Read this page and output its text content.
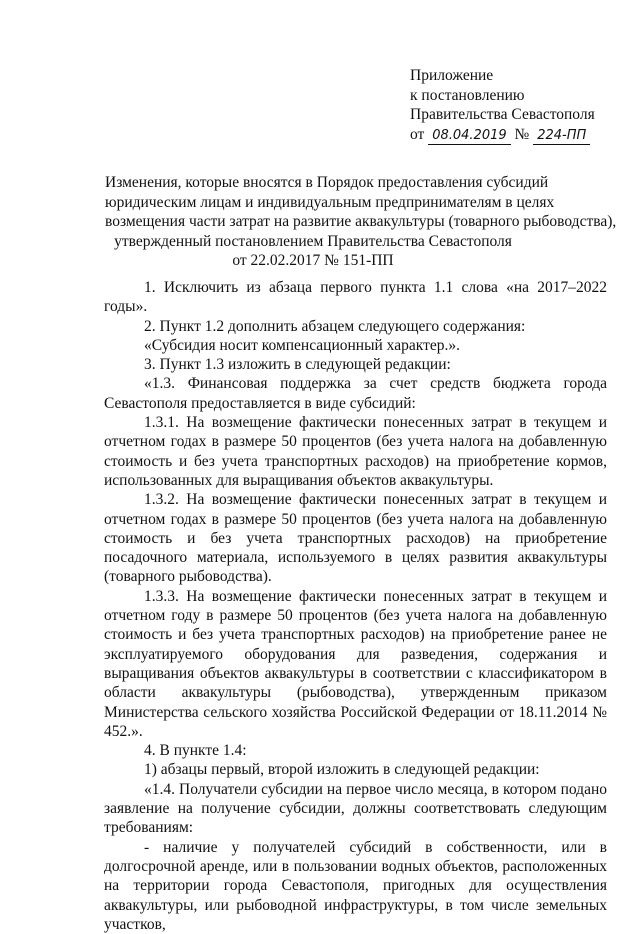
Приложение
к постановлению
Правительства Севастополя
от 08.04.2019 № 224-ПП
Изменения, которые вносятся в Порядок предоставления субсидий
юридическим лицам и индивидуальным предпринимателям в целях
возмещения части затрат на развитие аквакультуры (товарного рыбоводства),
утвержденный постановлением Правительства Севастополя
от 22.02.2017 № 151-ПП

1. Исключить из абзаца первого пункта 1.1 слова «на 2017–2022 годы».

2. Пункт 1.2 дополнить абзацем следующего содержания:

«Субсидия носит компенсационный характер.».

3. Пункт 1.3 изложить в следующей редакции:

«1.3. Финансовая поддержка за счет средств бюджета города Севастополя предоставляется в виде субсидий:

1.3.1. На возмещение фактически понесенных затрат в текущем и отчетном годах в размере 50 процентов (без учета налога на добавленную стоимость и без учета транспортных расходов) на приобретение кормов, использованных для выращивания объектов аквакультуры.

1.3.2. На возмещение фактически понесенных затрат в текущем и отчетном годах в размере 50 процентов (без учета налога на добавленную стоимость и без учета транспортных расходов) на приобретение посадочного материала, используемого в целях развития аквакультуры (товарного рыбоводства).

1.3.3. На возмещение фактически понесенных затрат в текущем и отчетном году в размере 50 процентов (без учета налога на добавленную стоимость и без учета транспортных расходов) на приобретение ранее не эксплуатируемого оборудования для разведения, содержания и выращивания объектов аквакультуры в соответствии с классификатором в области аквакультуры (рыбоводства), утвержденным приказом Министерства сельского хозяйства Российской Федерации от 18.11.2014 № 452.».

4. В пункте 1.4:

1) абзацы первый, второй изложить в следующей редакции:

«1.4. Получатели субсидии на первое число месяца, в котором подано заявление на получение субсидии, должны соответствовать следующим требованиям:

- наличие у получателей субсидий в собственности, или в долгосрочной аренде, или в пользовании водных объектов, расположенных на территории города Севастополя, пригодных для осуществления аквакультуры, или рыбоводной инфраструктуры, в том числе земельных участков,
